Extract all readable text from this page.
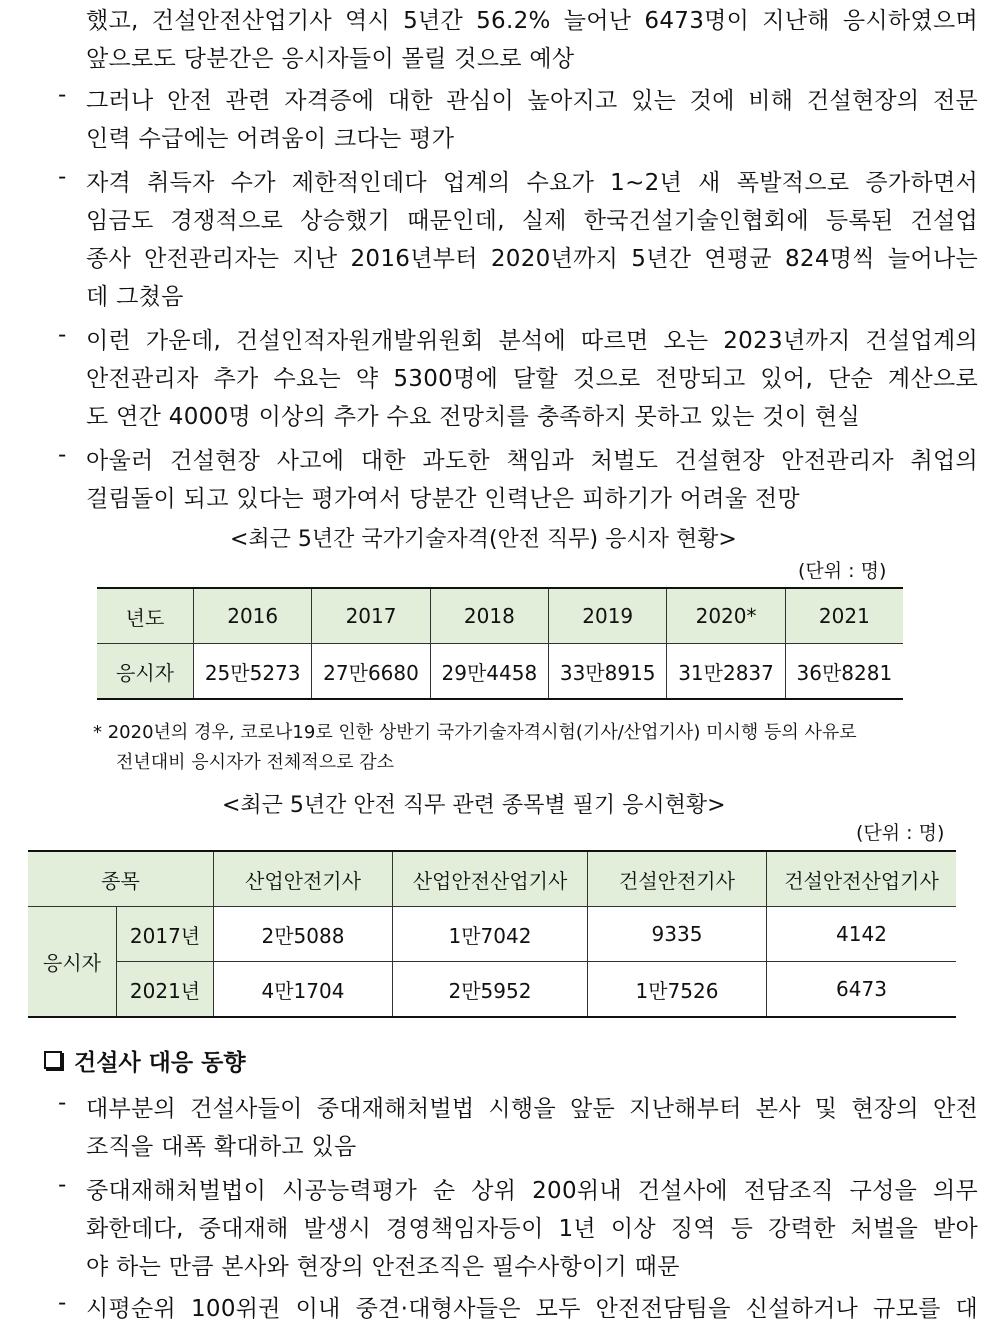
했고, 건설안전산업기사 역시 5년간 56.2% 늘어난 6473명이 지난해 응시하였으며
앞으로도 당분간은 응시자들이 몰릴 것으로 예상
- 그러나 안전 관련 자격증에 대한 관심이 높아지고 있는 것에 비해 건설현장의 전문
인력 수급에는 어려움이 크다는 평가
- 자격 취득자 수가 제한적인데다 업계의 수요가 1~2년 새 폭발적으로 증가하면서
임금도 경쟁적으로 상승했기 때문인데, 실제 한국건설기술인협회에 등록된 건설업
종사 안전관리자는 지난 2016년부터 2020년까지 5년간 연평균 824명씩 늘어나는
데 그쳤음
- 이런 가운데, 건설인적자원개발위원회 분석에 따르면 오는 2023년까지 건설업계의
안전관리자 추가 수요는 약 5300명에 달할 것으로 전망되고 있어, 단순 계산으로
도 연간 4000명 이상의 추가 수요 전망치를 충족하지 못하고 있는 것이 현실
- 아울러 건설현장 사고에 대한 과도한 책임과 처벌도 건설현장 안전관리자 취업의
걸림돌이 되고 있다는 평가여서 당분간 인력난은 피하기가 어려울 전망
<최근 5년간 국가기술자격(안전 직무) 응시자 현황>
(단위 : 명)
년도	2016	2017	2018	2019	2020*	2021
응시자	25만5273	27만6680	29만4458	33만8915	31만2837	36만8281
* 2020년의 경우, 코로나19로 인한 상반기 국가기술자격시험(기사/산업기사) 미시행 등의 사유로
전년대비 응시자가 전체적으로 감소
<최근 5년간 안전 직무 관련 종목별 필기 응시현황>
(단위 : 명)
종목		산업안전기사	산업안전산업기사	건설안전기사	건설안전산업기사
응시자	2017년	2만5088	1만7042	9335	4142
	2021년	4만1704	2만5952	1만7526	6473
건설사 대응 동향
- 대부분의 건설사들이 중대재해처벌법 시행을 앞둔 지난해부터 본사 및 현장의 안전
조직을 대폭 확대하고 있음
- 중대재해처벌법이 시공능력평가 순 상위 200위내 건설사에 전담조직 구성을 의무
화한데다, 중대재해 발생시 경영책임자등이 1년 이상 징역 등 강력한 처벌을 받아
야 하는 만큼 본사와 현장의 안전조직은 필수사항이기 때문
- 시평순위 100위권 이내 중견·대형사들은 모두 안전전담팀을 신설하거나 규모를 대
